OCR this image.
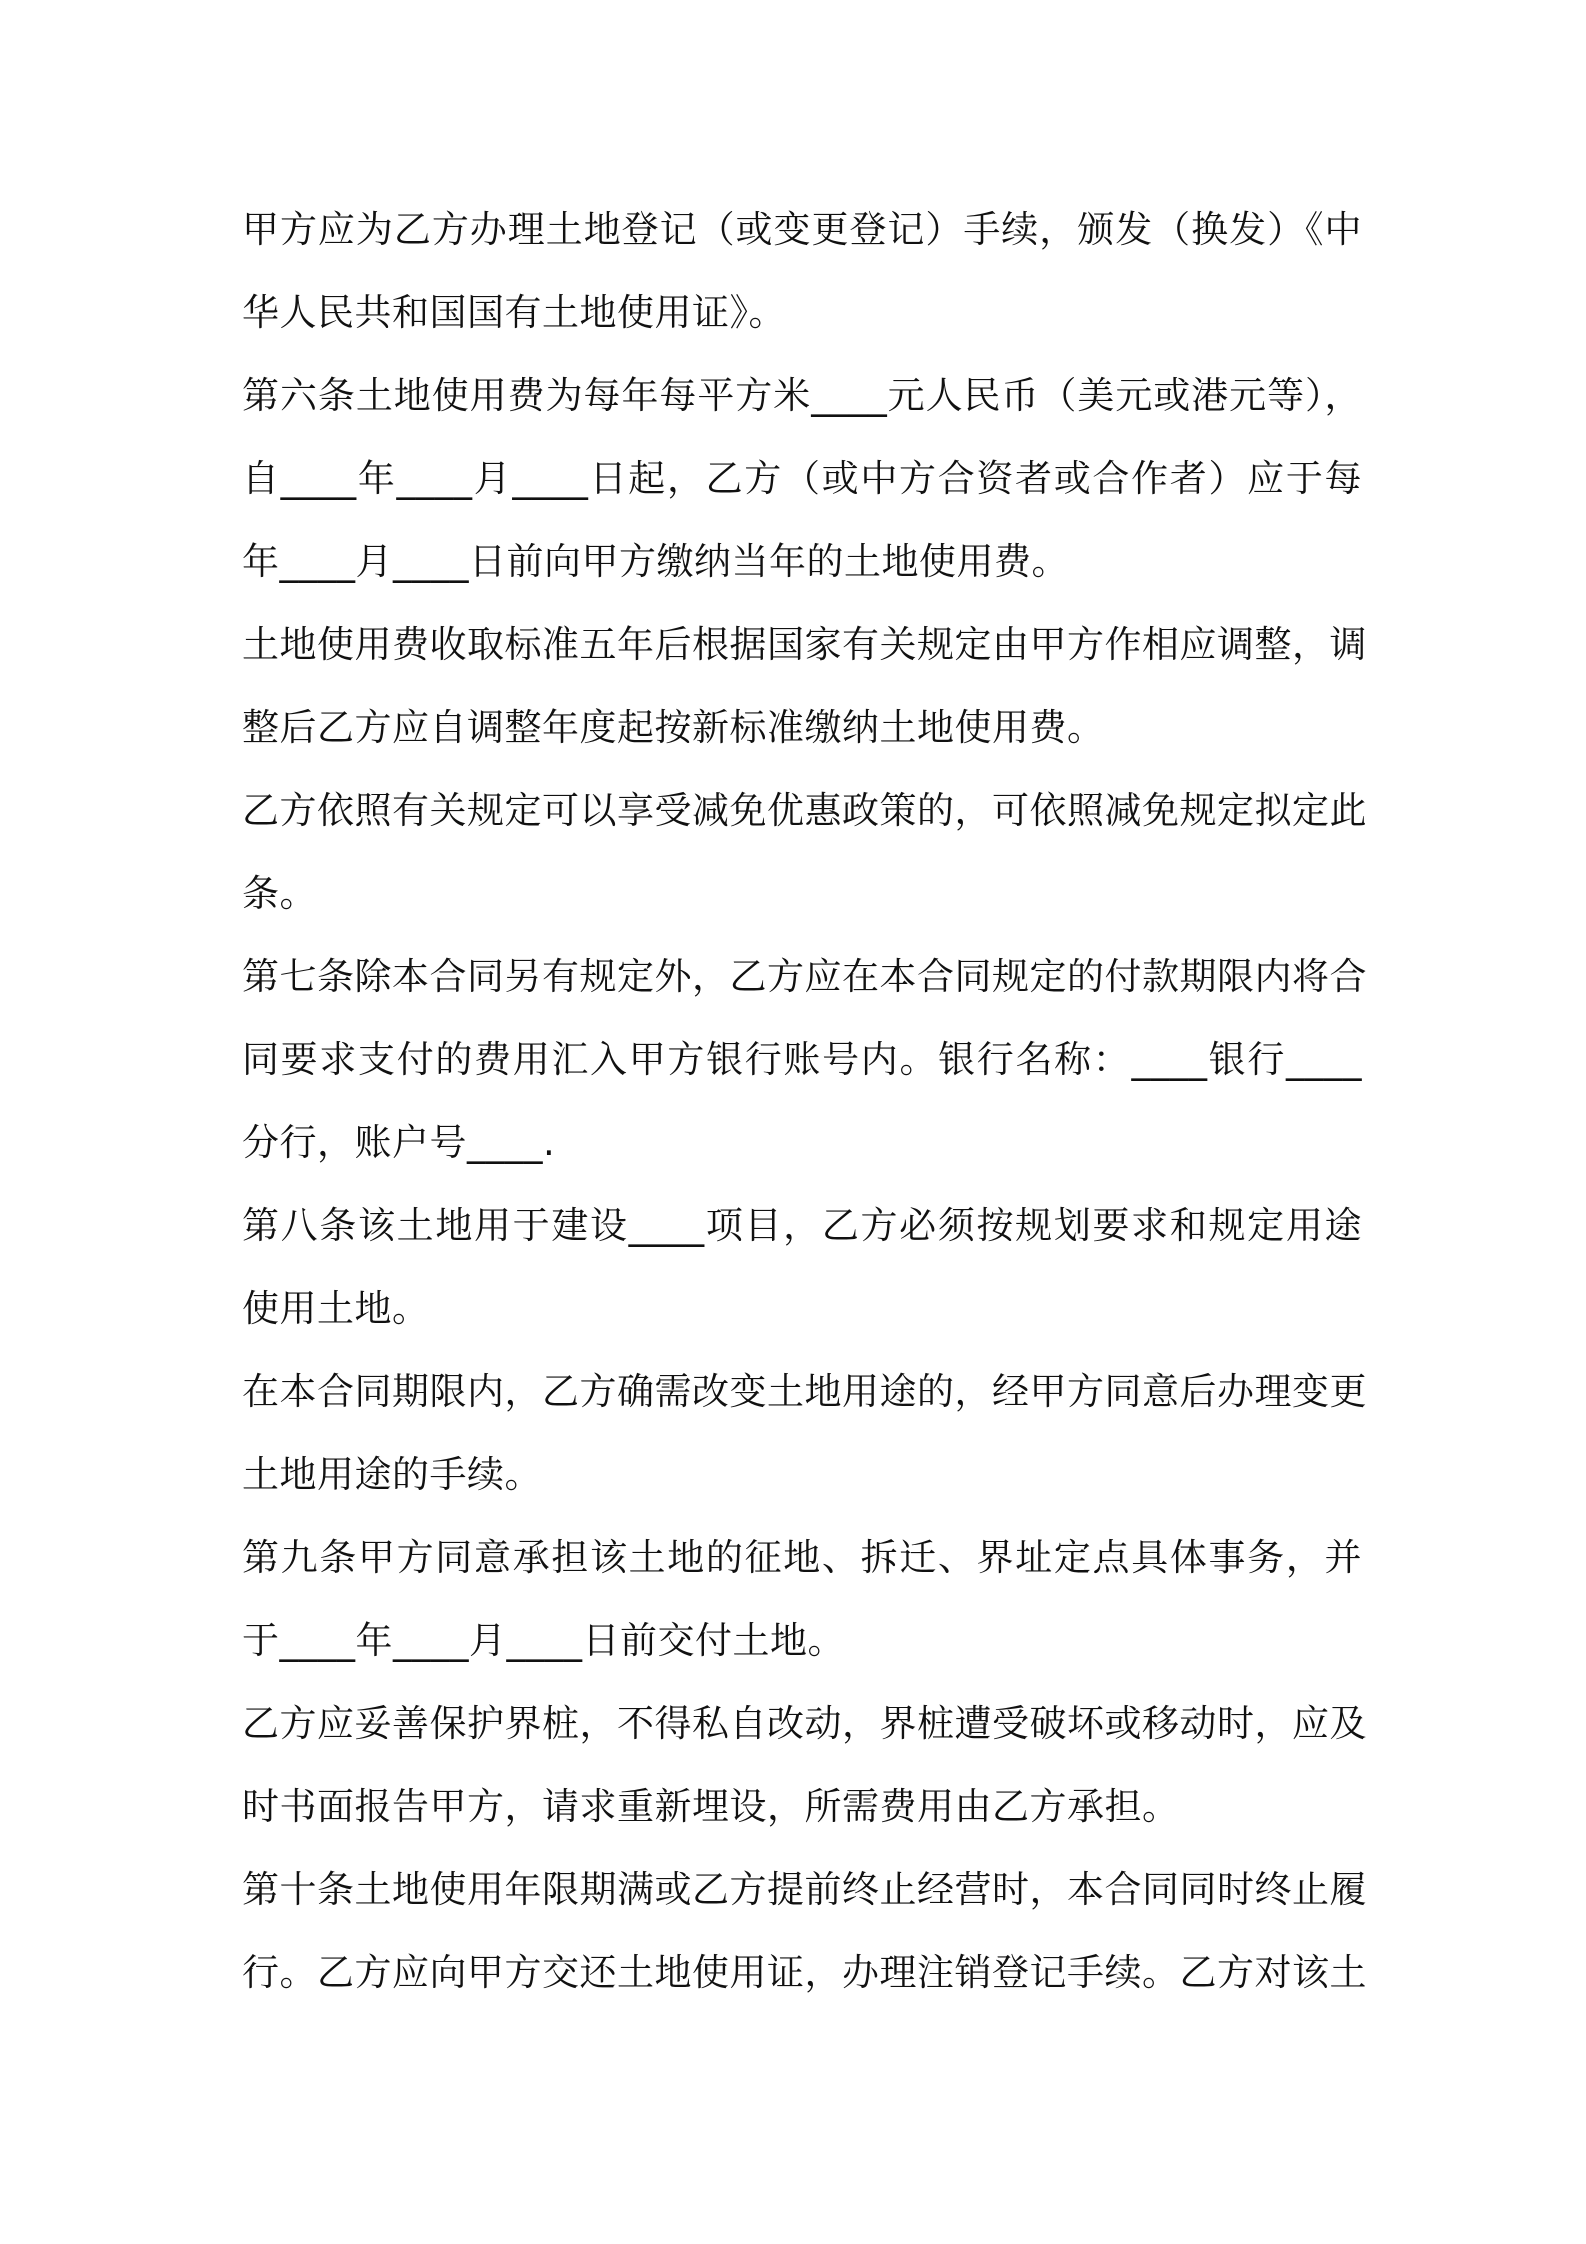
甲方应为乙方办理土地登记（或变更登记）手续，颁发（换发）《中
华人民共和国国有土地使用证》。

第六条土地使用费为每年每平方米____元人民币（美元或港元等），
自____年____月____日起，乙方（或中方合资者或合作者）应于每
年____月____日前向甲方缴纳当年的土地使用费。

土地使用费收取标准五年后根据国家有关规定由甲方作相应调整，调
整后乙方应自调整年度起按新标准缴纳土地使用费。

乙方依照有关规定可以享受减免优惠政策的，可依照减免规定拟定此
条。

第七条除本合同另有规定外，乙方应在本合同规定的付款期限内将合
同要求支付的费用汇入甲方银行账号内。银行名称：____银行____
分行，账户号____.

第八条该土地用于建设____项目，乙方必须按规划要求和规定用途
使用土地。

在本合同期限内，乙方确需改变土地用途的，经甲方同意后办理变更
土地用途的手续。

第九条甲方同意承担该土地的征地、拆迁、界址定点具体事务，并
于____年____月____日前交付土地。

乙方应妥善保护界桩，不得私自改动，界桩遭受破坏或移动时，应及
时书面报告甲方，请求重新埋设，所需费用由乙方承担。

第十条土地使用年限期满或乙方提前终止经营时，本合同同时终止履
行。乙方应向甲方交还土地使用证，办理注销登记手续。乙方对该土
